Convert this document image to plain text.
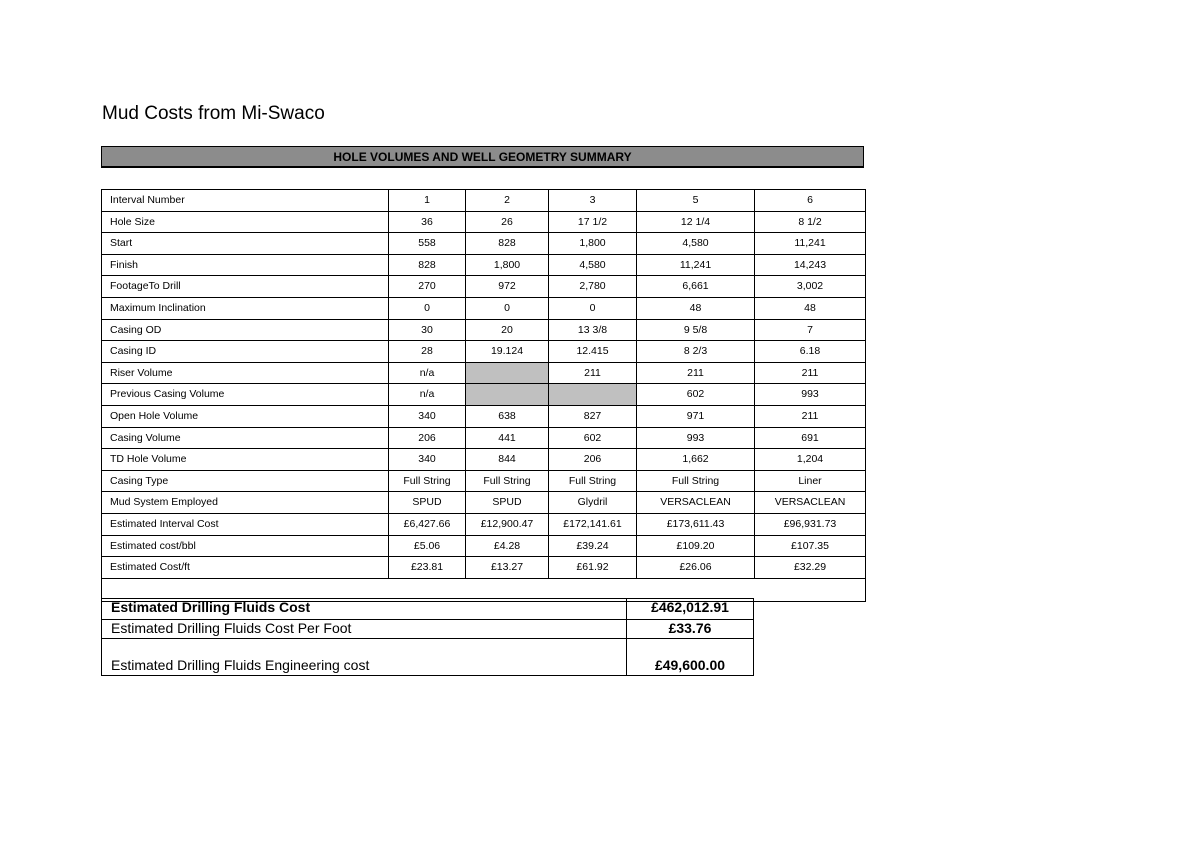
Mud Costs from Mi-Swaco
HOLE VOLUMES AND WELL GEOMETRY SUMMARY
Interval Number	1	2	3	5	6
Hole Size	36	26	17 1/2	12 1/4	8 1/2
Start	558	828	1,800	4,580	11,241
Finish	828	1,800	4,580	11,241	14,243
FootageTo Drill	270	972	2,780	6,661	3,002
Maximum Inclination	0	0	0	48	48
Casing OD	30	20	13 3/8	9 5/8	7
Casing ID	28	19.124	12.415	8 2/3	6.18
Riser Volume	n/a		211	211	211
Previous Casing Volume	n/a			602	993
Open Hole Volume	340	638	827	971	211
Casing Volume	206	441	602	993	691
TD Hole Volume	340	844	206	1,662	1,204
Casing Type	Full String	Full String	Full String	Full String	Liner
Mud System Employed	SPUD	SPUD	Glydril	VERSACLEAN	VERSACLEAN
Estimated Interval Cost	£6,427.66	£12,900.47	£172,141.61	£173,611.43	£96,931.73
Estimated cost/bbl	£5.06	£4.28	£39.24	£109.20	£107.35
Estimated Cost/ft	£23.81	£13.27	£61.92	£26.06	£32.29

Estimated Drilling Fluids Cost	£462,012.91
Estimated Drilling Fluids Cost Per Foot	£33.76
Estimated Drilling Fluids Engineering cost	£49,600.00
